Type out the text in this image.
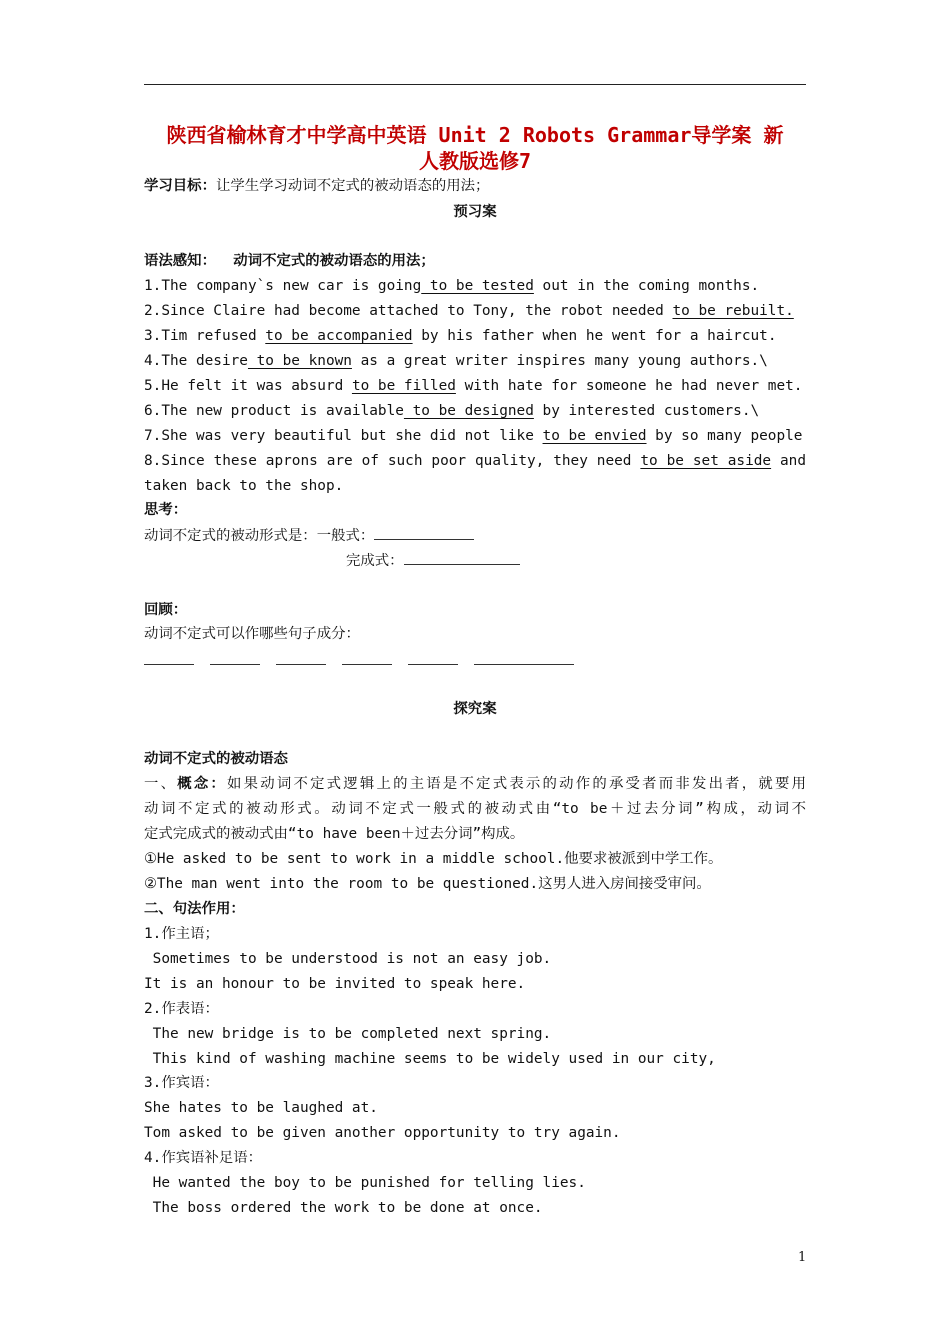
陕西省榆林育才中学高中英语 Unit 2 Robots Grammar导学案 新
人教版选修7
学习目标：让学生学习动词不定式的被动语态的用法；
预习案
语法感知： 动词不定式的被动语态的用法；
1.The company`s new car is going to be tested out in the coming months.
2.Since Claire had become attached to Tony, the robot needed to be rebuilt.
3.Tim refused to be accompanied by his father when he went for a haircut.
4.The desire to be known as a great writer inspires many young authors.\
5.He felt it was absurd to be filled with hate for someone he had never met.
6.The new product is available to be designed by interested customers.\
7.She was very beautiful but she did not like to be envied by so many people
8.Since these aprons are of such poor quality, they need to be set aside and
taken back to the shop.
思考：
动词不定式的被动形式是：一般式：
完成式：
回顾：
动词不定式可以作哪些句子成分：
探究案
动词不定式的被动语态
一、概念：如果动词不定式逻辑上的主语是不定式表示的动作的承受者而非发出者，就要用
动词不定式的被动形式。动词不定式一般式的被动式由“to be＋过去分词”构成，动词不
定式完成式的被动式由“to have been＋过去分词”构成。
①He asked to be sent to work in a middle school.他要求被派到中学工作。
②The man went into the room to be questioned.这男人进入房间接受审问。
二、句法作用：
1.作主语；
Sometimes to be understood is not an easy job.
It is an honour to be invited to speak here.
2.作表语：
The new bridge is to be completed next spring.
This kind of washing machine seems to be widely used in our city,
3.作宾语：
She hates to be laughed at.
Tom asked to be given another opportunity to try again.
4.作宾语补足语：
He wanted the boy to be punished for telling lies.
The boss ordered the work to be done at once.
1
